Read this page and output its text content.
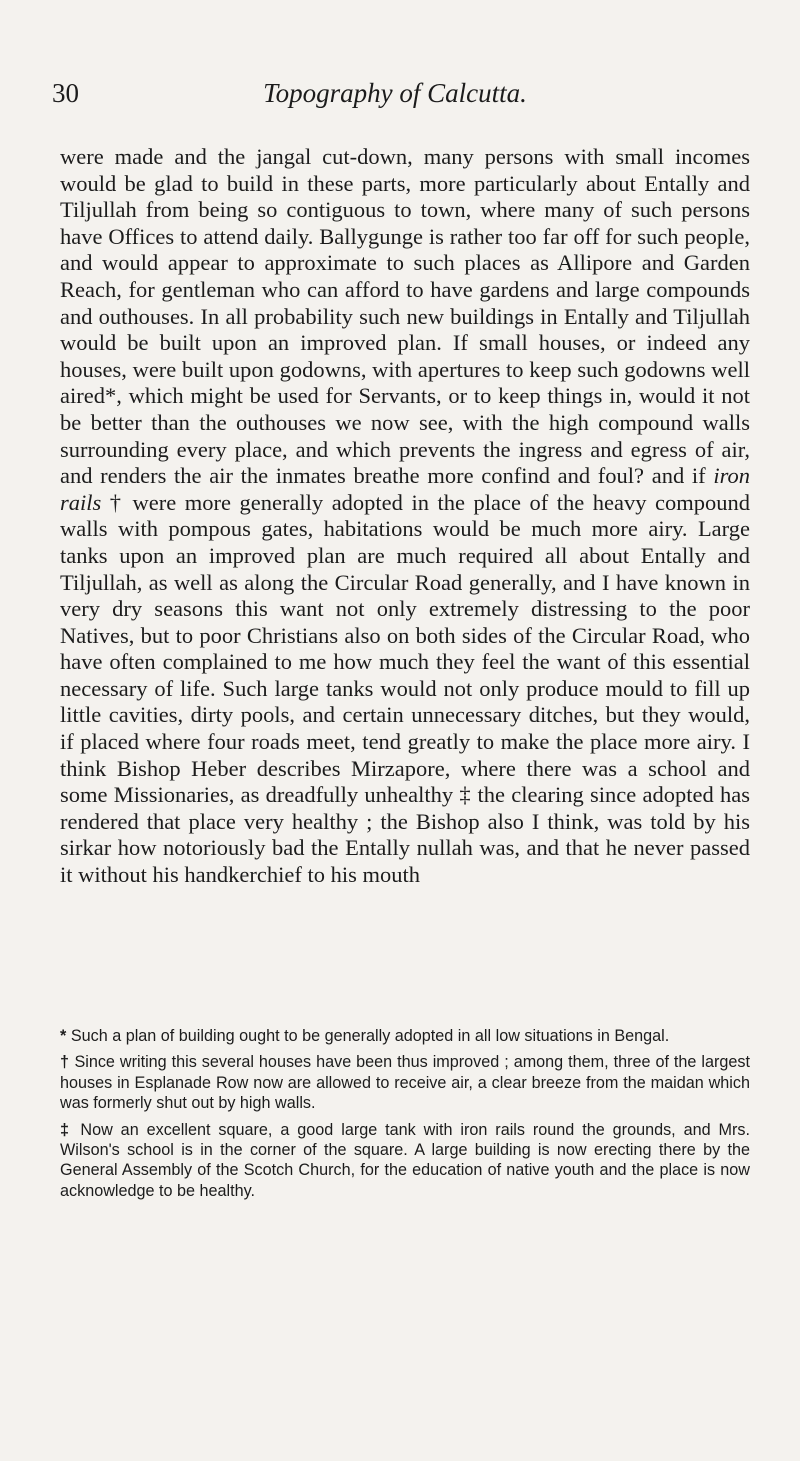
30	Topography of Calcutta.

were made and the jangal cut-down, many persons with small incomes would be glad to build in these parts, more particularly about Entally and Tiljullah from being so contiguous to town, where many of such persons have Offices to attend daily. Ballygunge is rather too far off for such people, and would appear to approximate to such places as Allipore and Garden Reach, for gentleman who can afford to have gardens and large compounds and outhouses. In all probability such new buildings in Entally and Tiljullah would be built upon an improved plan. If small houses, or indeed any houses, were built upon godowns, with apertures to keep such godowns well aired*, which might be used for Servants, or to keep things in, would it not be better than the outhouses we now see, with the high compound walls surrounding every place, and which prevents the ingress and egress of air, and renders the air the inmates breathe more confind and foul? and if iron rails † were more generally adopted in the place of the heavy compound walls with pompous gates, habitations would be much more airy. Large tanks upon an improved plan are much required all about Entally and Tiljullah, as well as along the Circular Road generally, and I have known in very dry seasons this want not only extremely distressing to the poor Natives, but to poor Christians also on both sides of the Circular Road, who have often complained to me how much they feel the want of this essential necessary of life. Such large tanks would not only produce mould to fill up little cavities, dirty pools, and certain unnecessary ditches, but they would, if placed where four roads meet, tend greatly to make the place more airy. I think Bishop Heber describes Mirzapore, where there was a school and some Missionaries, as dreadfully unhealthy ‡ the clearing since adopted has rendered that place very healthy ; the Bishop also I think, was told by his sirkar how notoriously bad the Entally nullah was, and that he never passed it without his handkerchief to his mouth

* Such a plan of building ought to be generally adopted in all low situations in Bengal.

† Since writing this several houses have been thus improved ; among them, three of the largest houses in Esplanade Row now are allowed to receive air, a clear breeze from the maidan which was formerly shut out by high walls.

‡ Now an excellent square, a good large tank with iron rails round the grounds, and Mrs. Wilson's school is in the corner of the square. A large building is now erecting there by the General Assembly of the Scotch Church, for the education of native youth and the place is now acknowledge to be healthy.
